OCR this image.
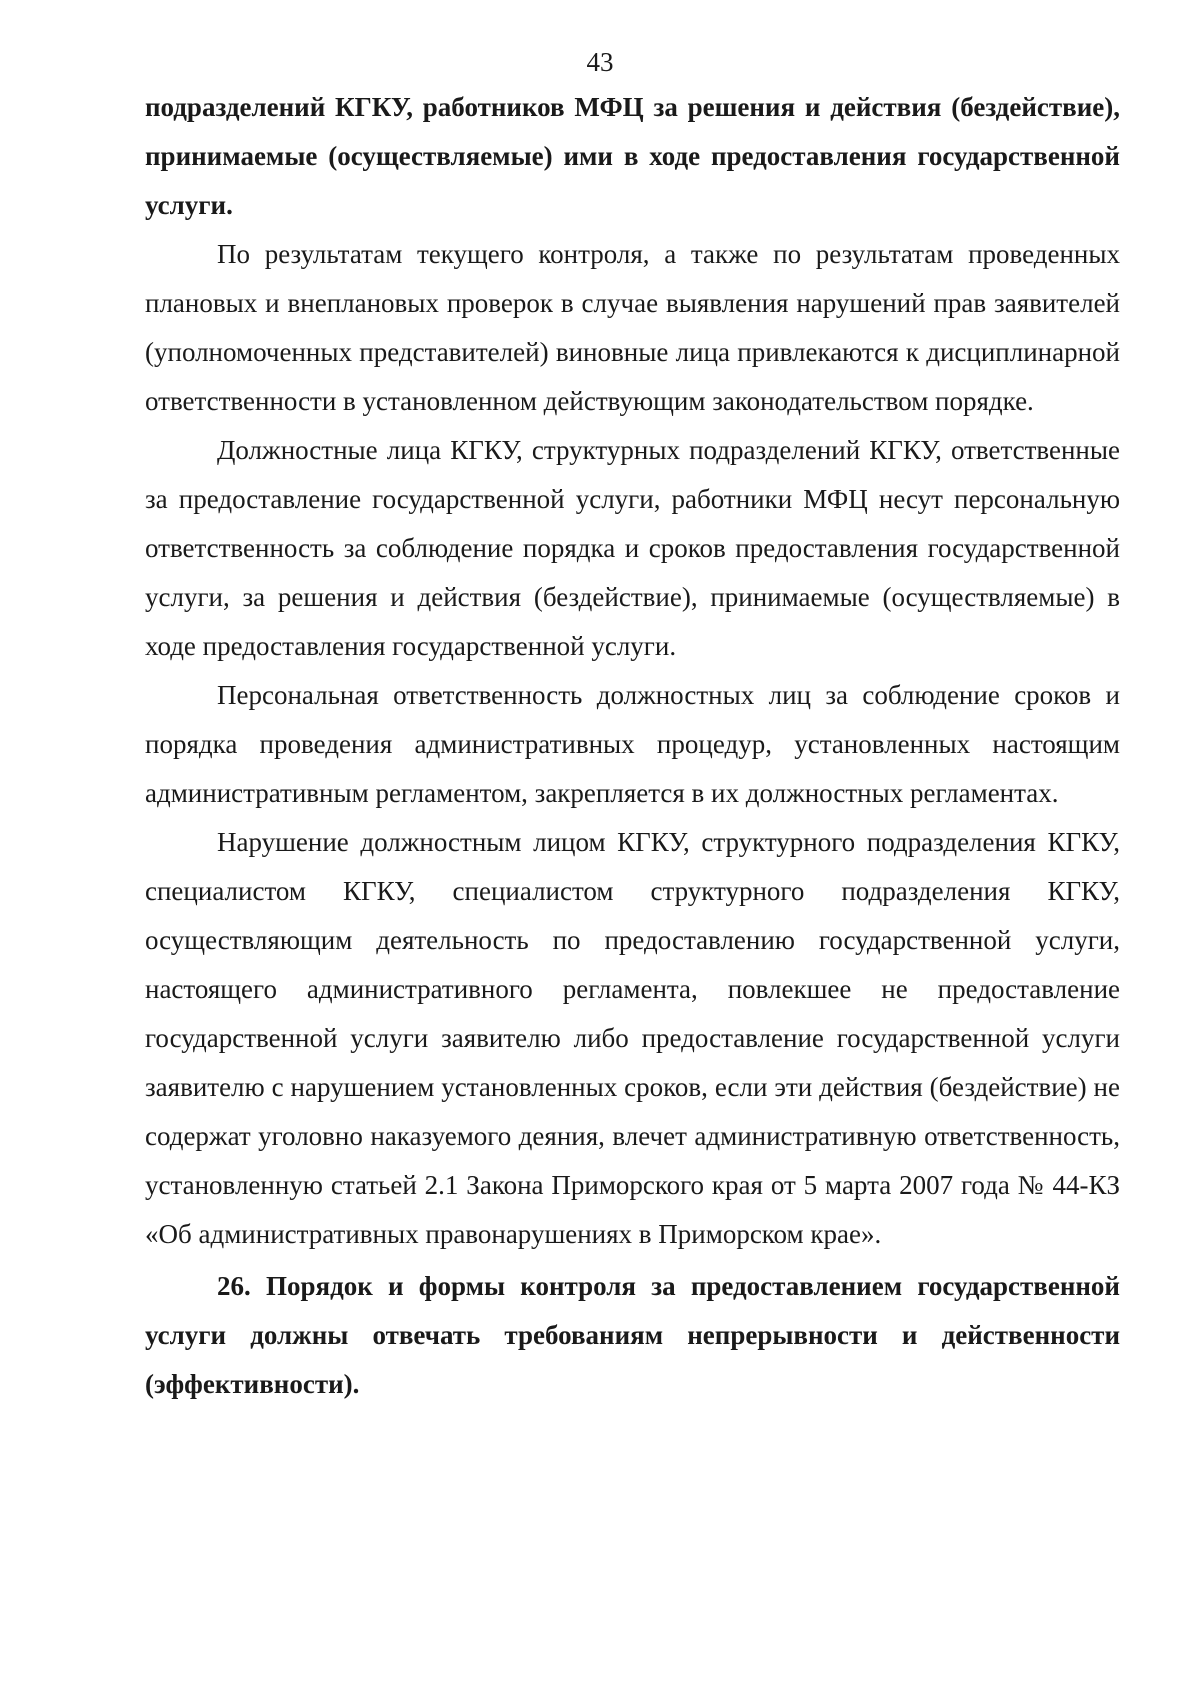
43

подразделений КГКУ, работников МФЦ за решения и действия (бездействие), принимаемые (осуществляемые) ими в ходе предоставления государственной услуги.

По результатам текущего контроля, а также по результатам проведенных плановых и внеплановых проверок в случае выявления нарушений прав заявителей (уполномоченных представителей) виновные лица привлекаются к дисциплинарной ответственности в установленном действующим законодательством порядке.

Должностные лица КГКУ, структурных подразделений КГКУ, ответственные за предоставление государственной услуги, работники МФЦ несут персональную ответственность за соблюдение порядка и сроков предоставления государственной услуги, за решения и действия (бездействие), принимаемые (осуществляемые) в ходе предоставления государственной услуги.

Персональная ответственность должностных лиц за соблюдение сроков и порядка проведения административных процедур, установленных настоящим административным регламентом, закрепляется в их должностных регламентах.

Нарушение должностным лицом КГКУ, структурного подразделения КГКУ, специалистом КГКУ, специалистом структурного подразделения КГКУ, осуществляющим деятельность по предоставлению государственной услуги, настоящего административного регламента, повлекшее не предоставление государственной услуги заявителю либо предоставление государственной услуги заявителю с нарушением установленных сроков, если эти действия (бездействие) не содержат уголовно наказуемого деяния, влечет административную ответственность, установленную статьей 2.1 Закона Приморского края от 5 марта 2007 года № 44-КЗ «Об административных правонарушениях в Приморском крае».

26. Порядок и формы контроля за предоставлением государственной услуги должны отвечать требованиям непрерывности и действенности (эффективности).
